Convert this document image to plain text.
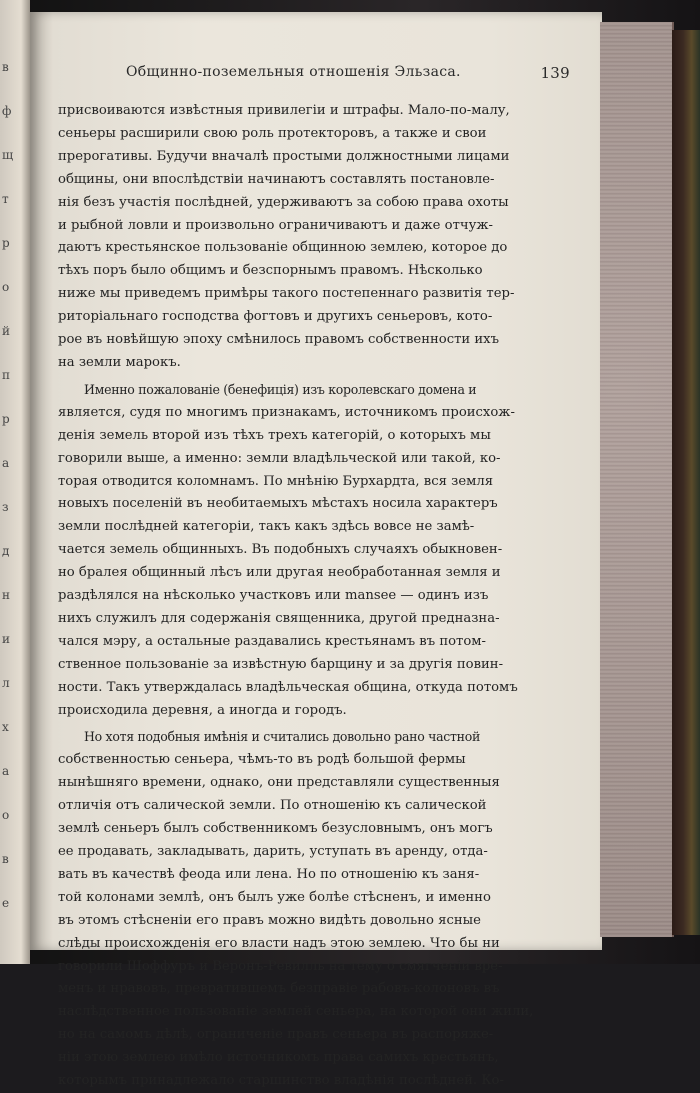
в
ф
щ
т
р
о
й
п
р
а
з
д
н
и
л
х
а
о
в
е
Общинно-поземельныя отношенiя Эльзаса.	139
присвоиваются извѣстныя привилегiи и штрафы. Мало-по-малу,
сеньеры расширили свою роль протекторовъ, а также и свои
прерогативы. Будучи вначалѣ простыми должностными лицами
общины, они впослѣдствiи начинаютъ составлять постановле-
нiя безъ участiя послѣдней, удерживаютъ за собою права охоты
и рыбной ловли и произвольно ограничиваютъ и даже отчуж-
даютъ крестьянское пользованiе общинною землею, которое до
тѣхъ поръ было общимъ и безспорнымъ правомъ. Нѣсколько
ниже мы приведемъ примѣры такого постепеннаго развитiя тер-
риторiальнаго господства фогтовъ и другихъ сеньеровъ, кото-
рое въ новѣйшую эпоху смѣнилось правомъ собственности ихъ
на земли марокъ.
Именно пожалованiе (бенефицiя) изъ королевскаго домена и
является, судя по многимъ признакамъ, источникомъ происхож-
денiя земель второй изъ тѣхъ трехъ категорiй, о которыхъ мы
говорили выше, а именно: земли владѣльческой или такой, ко-
торая отводится коломнамъ. По мнѣнiю Бурхардта, вся земля
новыхъ поселенiй въ необитаемыхъ мѣстахъ носила характеръ
земли послѣдней категорiи, такъ какъ здѣсь вовсе не замѣ-
чается земель общинныхъ. Въ подобныхъ случаяхъ обыкновен-
но бралея общинный лѣсъ или другая необработанная земля и
раздѣлялся на нѣсколько участковъ или mansee — одинъ изъ
нихъ служилъ для содержанiя священника, другой предназна-
чался мэру, а остальные раздавались крестьянамъ въ потом-
ственное пользованiе за извѣстную барщину и за другiя повин-
ности. Такъ утверждалась владѣльческая община, откуда потомъ
происходила деревня, а иногда и городъ.
Но хотя подобныя имѣнiя и считались довольно рано частной
собственностью сеньера, чѣмъ-то въ родѣ большой фермы
нынѣшняго времени, однако, они представляли существенныя
отличiя отъ салической земли. По отношенiю къ салической
землѣ сеньеръ былъ собственникомъ безусловнымъ, онъ могъ
ее продавать, закладывать, дарить, уступать въ аренду, отда-
вать въ качествѣ феода или лена. Но по отношенiю къ заня-
той колонами землѣ, онъ былъ уже болѣе стѣсненъ, и именно
въ этомъ стѣсненiи его правъ можно видѣть довольно ясные
слѣды происхожденiя его власти надъ этою землею. Что бы ни
говорили Шоффуръ и Веронъ-Ревилль на тему о смягченiи вре-
менъ и нравовъ, превратившемъ безправiе рабовъ-колоновъ въ
наслѣдственное пользованiе землей сеньера, на которой они жили,
но на самомъ дѣлѣ, ограниченiе правъ сеньера въ распоряже-
нiи этою землею имѣло источникомъ права самихъ крестьянъ,
которымъ принадлежало старшинство владѣнiя послѣдней. Ко-
